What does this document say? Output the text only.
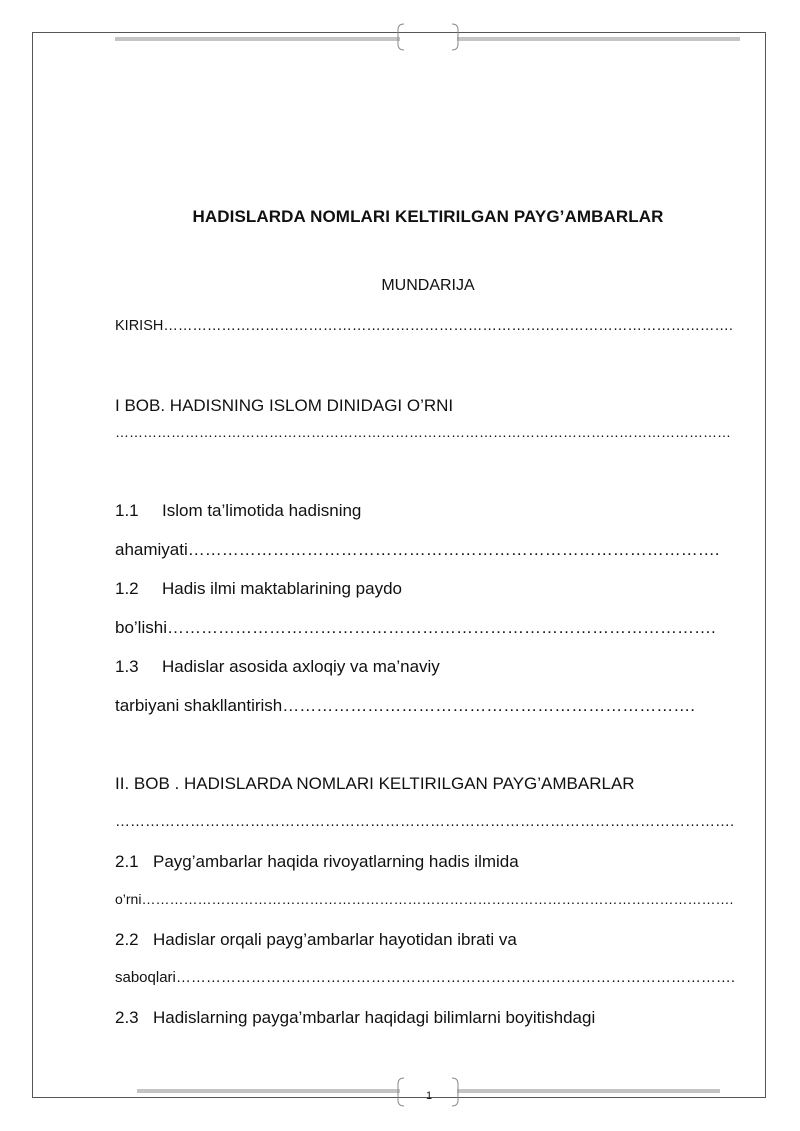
HADISLARDA NOMLARI KELTIRILGAN PAYG’AMBARLAR
MUNDARIJA
KIRISH……………………………………………………………………………………………………….
I BOB. HADISNING ISLOM DINIDAGI O’RNI
……………………………………………………………………………………………………………………
1.1 Islom ta’limotida hadisning
ahamiyati………………………………………………………………………………….
1.2 Hadis ilmi maktablarining paydo
bo’lishi…………………………………………………………………………………….
1.3 Hadislar asosida axloqiy va ma’naviy
tarbiyani shakllantirish……………………………………………………………….
II. BOB . HADISLARDA NOMLARI KELTIRILGAN PAYG’AMBARLAR
…………………………………………………………………………………………………………….
2.1 Payg’ambarlar haqida rivoyatlarning hadis ilmida
o’rni……………………………………………………………………………………………………………….
2.2 Hadislar orqali payg’ambarlar hayotidan ibrati va
saboqlari………………………………………………………………………………………………….
2.3 Hadislarning payga’mbarlar haqidagi bilimlarni boyitishdagi
1
